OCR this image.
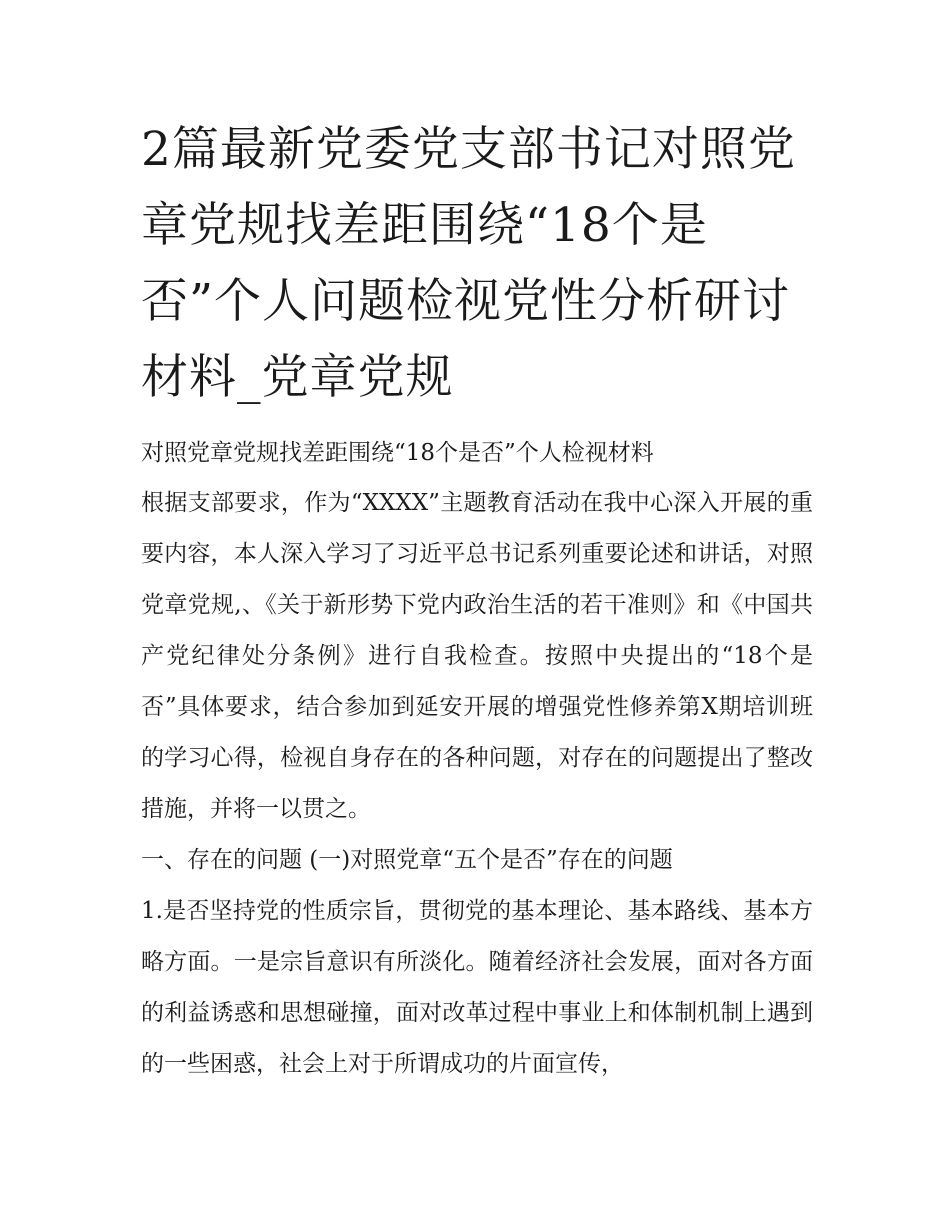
2篇最新党委党支部书记对照党章党规找差距围绕“18个是否”个人问题检视党性分析研讨材料_党章党规

对照党章党规找差距围绕“18个是否”个人检视材料

根据支部要求，作为“XXXX”主题教育活动在我中心深入开展的重要内容，本人深入学习了习近平总书记系列重要论述和讲话，对照党章党规,、《关于新形势下党内政治生活的若干准则》和《中国共产党纪律处分条例》进行自我检查。按照中央提出的“18个是否”具体要求，结合参加到延安开展的增强党性修养第X期培训班的学习心得，检视自身存在的各种问题，对存在的问题提出了整改措施，并将一以贯之。

一、存在的问题 (一)对照党章“五个是否”存在的问题

1.是否坚持党的性质宗旨，贯彻党的基本理论、基本路线、基本方略方面。一是宗旨意识有所淡化。随着经济社会发展，面对各方面的利益诱惑和思想碰撞，面对改革过程中事业上和体制机制上遇到的一些困惑，社会上对于所谓成功的片面宣传，
